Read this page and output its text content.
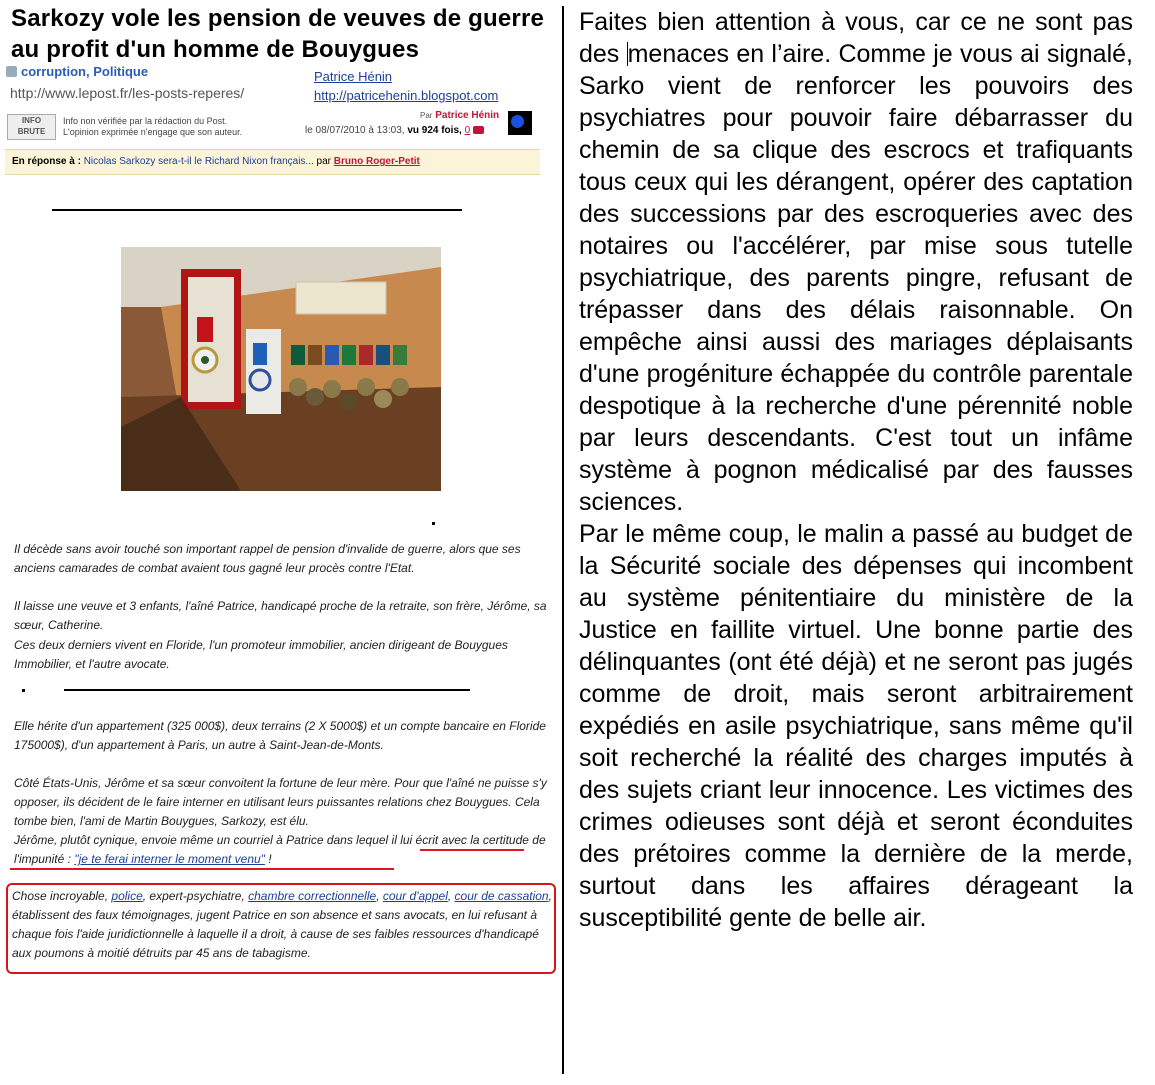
Sarkozy vole les pension de veuves de guerre au profit d'un homme de Bouygues
corruption, Politique
http://www.lepost.fr/les-posts-reperes/
Patrice Hénin
http://patricehenin.blogspot.com
INFO BRUTE
Info non vérifiée par la rédaction du Post.
L'opinion exprimée n'engage que son auteur.
Par Patrice Hénin
le 08/07/2010 à 13:03, vu 924 fois, 0
En réponse à : Nicolas Sarkozy sera-t-il le Richard Nixon français... par Bruno Roger-Petit
Il décède sans avoir touché son important rappel de pension d'invalide de guerre, alors que ses anciens camarades de combat avaient tous gagné leur procès contre l'Etat.
Il laisse une veuve et 3 enfants, l'aîné Patrice, handicapé proche de la retraite, son frère, Jérôme, sa sœur, Catherine.
Ces deux derniers vivent en Floride, l'un promoteur immobilier, ancien dirigeant de Bouygues Immobilier, et l'autre avocate.
Elle hérite d'un appartement (325 000$), deux terrains (2 X 5000$) et un compte bancaire en Floride 175000$), d'un appartement à Paris, un autre à Saint-Jean-de-Monts.
Côté États-Unis, Jérôme et sa sœur convoitent la fortune de leur mère. Pour que l'aîné ne puisse s'y opposer, ils décident de le faire interner en utilisant leurs puissantes relations chez Bouygues. Cela tombe bien, l'ami de Martin Bouygues, Sarkozy, est élu.
Jérôme, plutôt cynique, envoie même un courriel à Patrice dans lequel il lui écrit avec la certitude de l'impunité : "je te ferai interner le moment venu" !
Chose incroyable, police, expert-psychiatre, chambre correctionnelle, cour d'appel, cour de cassation, établissent des faux témoignages, jugent Patrice en son absence et sans avocats, en lui refusant à chaque fois l'aide juridictionnelle à laquelle il a droit, à cause de ses faibles ressources d'handicapé aux poumons à moitié détruits par 45 ans de tabagisme.
Faites bien attention à vous, car ce ne sont pas des menaces en l’aire. Comme je vous ai signalé, Sarko vient de renforcer les pouvoirs des psychiatres pour pouvoir faire débarrasser du chemin de sa clique des escrocs et trafiquants tous ceux qui les dérangent, opérer des captation des successions par des escroqueries avec des notaires ou l'accélérer, par mise sous tutelle psychiatrique, des parents pingre, refusant de trépasser dans des délais raisonnable. On empêche ainsi aussi des mariages déplaisants d'une progéniture échappée du contrôle parentale despotique à la recherche d'une pérennité noble par leurs descendants. C'est tout un infâme système à pognon médicalisé par des fausses sciences.
Par le même coup, le malin a passé au budget de la Sécurité sociale des dépenses qui incombent au système pénitentiaire du ministère de la Justice en faillite virtuel. Une bonne partie des délinquantes (ont été déjà) et ne seront pas jugés comme de droit, mais seront arbitrairement expédiés en asile psychiatrique, sans même qu'il soit recherché la réalité des charges imputés à des sujets criant leur innocence. Les victimes des crimes odieuses sont déjà et seront éconduites des prétoires comme la dernière de la merde, surtout dans les affaires dérageant la susceptibilité gente de belle air.
